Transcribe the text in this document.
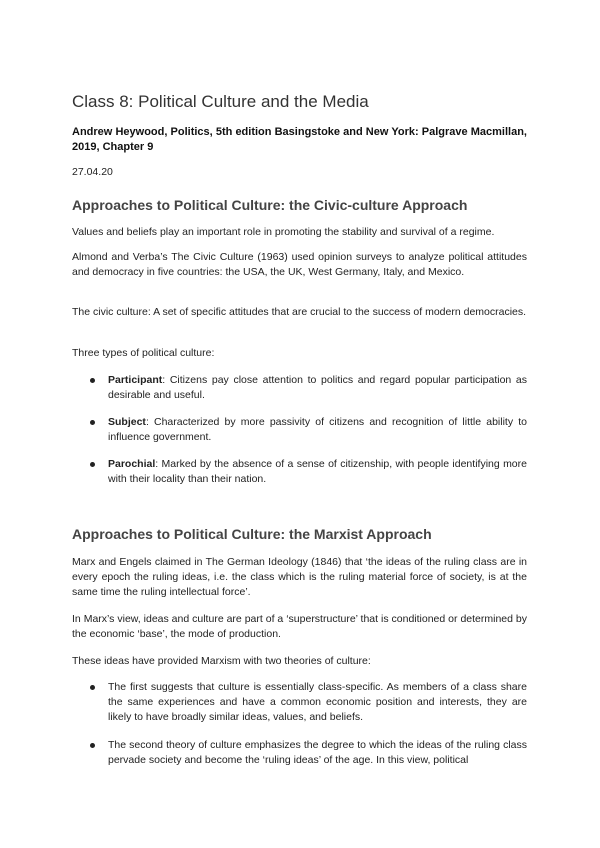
Class 8: Political Culture and the Media

Andrew Heywood, Politics, 5th edition Basingstoke and New York: Palgrave Macmillan, 2019, Chapter 9

27.04.20

Approaches to Political Culture: the Civic-culture Approach

Values and beliefs play an important role in promoting the stability and survival of a regime.

Almond and Verba’s The Civic Culture (1963) used opinion surveys to analyze political attitudes and democracy in five countries: the USA, the UK, West Germany, Italy, and Mexico.

The civic culture: A set of specific attitudes that are crucial to the success of modern democracies.

Three types of political culture:

Participant: Citizens pay close attention to politics and regard popular participation as desirable and useful.
Subject: Characterized by more passivity of citizens and recognition of little ability to influence government.
Parochial: Marked by the absence of a sense of citizenship, with people identifying more with their locality than their nation.
Approaches to Political Culture: the Marxist Approach

Marx and Engels claimed in The German Ideology (1846) that ‘the ideas of the ruling class are in every epoch the ruling ideas, i.e. the class which is the ruling material force of society, is at the same time the ruling intellectual force’.

In Marx’s view, ideas and culture are part of a ‘superstructure’ that is conditioned or determined by the economic ‘base’, the mode of production.

These ideas have provided Marxism with two theories of culture:

The first suggests that culture is essentially class-specific. As members of a class share the same experiences and have a common economic position and interests, they are likely to have broadly similar ideas, values, and beliefs.
The second theory of culture emphasizes the degree to which the ideas of the ruling class pervade society and become the ‘ruling ideas’ of the age. In this view, political
